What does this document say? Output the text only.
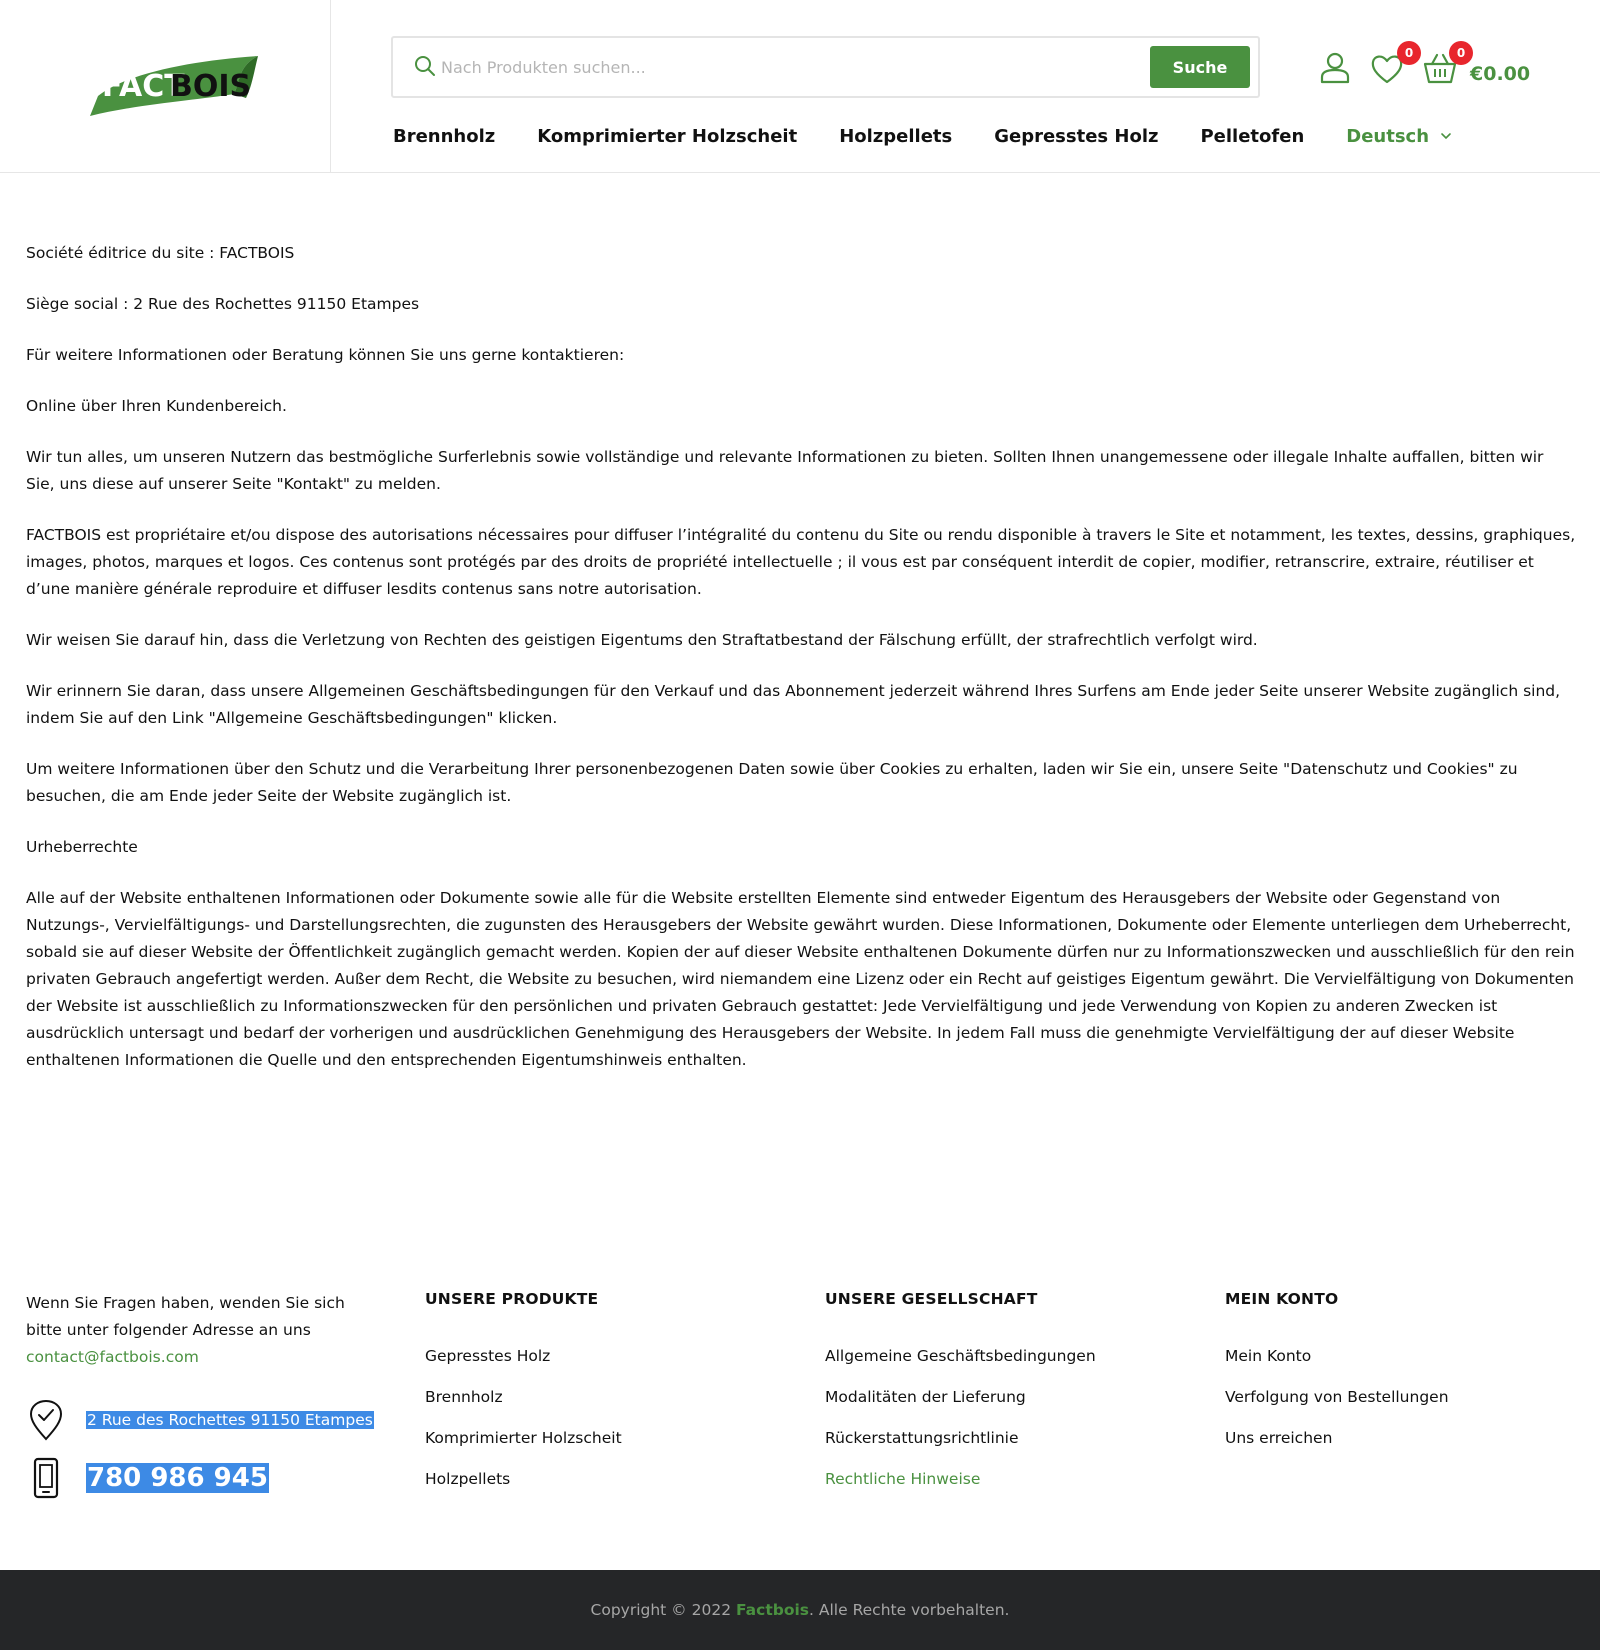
FACT
BOIS
Nach Produkten suchen...
Suche
0	0
€0.00
Brennholz Komprimierter Holzscheit Holzpellets Gepresstes Holz Pelletofen Deutsch

Société éditrice du site : FACTBOIS

Siège social : 2 Rue des Rochettes 91150 Etampes

Für weitere Informationen oder Beratung können Sie uns gerne kontaktieren:

Online über Ihren Kundenbereich.

Wir tun alles, um unseren Nutzern das bestmögliche Surferlebnis sowie vollständige und relevante Informationen zu bieten. Sollten Ihnen unangemessene oder illegale Inhalte auffallen, bitten wir Sie, uns diese auf unserer Seite "Kontakt" zu melden.

FACTBOIS est propriétaire et/ou dispose des autorisations nécessaires pour diffuser l’intégralité du contenu du Site ou rendu disponible à travers le Site et notamment, les textes, dessins, graphiques, images, photos, marques et logos. Ces contenus sont protégés par des droits de propriété intellectuelle ; il vous est par conséquent interdit de copier, modifier, retranscrire, extraire, réutiliser et d’une manière générale reproduire et diffuser lesdits contenus sans notre autorisation.

Wir weisen Sie darauf hin, dass die Verletzung von Rechten des geistigen Eigentums den Straftatbestand der Fälschung erfüllt, der strafrechtlich verfolgt wird.

Wir erinnern Sie daran, dass unsere Allgemeinen Geschäftsbedingungen für den Verkauf und das Abonnement jederzeit während Ihres Surfens am Ende jeder Seite unserer Website zugänglich sind, indem Sie auf den Link "Allgemeine Geschäftsbedingungen" klicken.

Um weitere Informationen über den Schutz und die Verarbeitung Ihrer personenbezogenen Daten sowie über Cookies zu erhalten, laden wir Sie ein, unsere Seite "Datenschutz und Cookies" zu besuchen, die am Ende jeder Seite der Website zugänglich ist.

Urheberrechte

Alle auf der Website enthaltenen Informationen oder Dokumente sowie alle für die Website erstellten Elemente sind entweder Eigentum des Herausgebers der Website oder Gegenstand von Nutzungs-, Vervielfältigungs- und Darstellungsrechten, die zugunsten des Herausgebers der Website gewährt wurden. Diese Informationen, Dokumente oder Elemente unterliegen dem Urheberrecht, sobald sie auf dieser Website der Öffentlichkeit zugänglich gemacht werden. Kopien der auf dieser Website enthaltenen Dokumente dürfen nur zu Informationszwecken und ausschließlich für den rein privaten Gebrauch angefertigt werden. Außer dem Recht, die Website zu besuchen, wird niemandem eine Lizenz oder ein Recht auf geistiges Eigentum gewährt. Die Vervielfältigung von Dokumenten der Website ist ausschließlich zu Informationszwecken für den persönlichen und privaten Gebrauch gestattet: Jede Vervielfältigung und jede Verwendung von Kopien zu anderen Zwecken ist ausdrücklich untersagt und bedarf der vorherigen und ausdrücklichen Genehmigung des Herausgebers der Website. In jedem Fall muss die genehmigte Vervielfältigung der auf dieser Website enthaltenen Informationen die Quelle und den entsprechenden Eigentumshinweis enthalten.

Wenn Sie Fragen haben, wenden Sie sich bitte unter folgender Adresse an uns

contact@factbois.com
2 Rue des Rochettes 91150 Etampes
780 986 945
UNSERE PRODUKTE
Gepresstes Holz
Brennholz
Komprimierter Holzscheit
Holzpellets
UNSERE GESELLSCHAFT
Allgemeine Geschäftsbedingungen
Modalitäten der Lieferung
Rückerstattungsrichtlinie
Rechtliche Hinweise
MEIN KONTO
Mein Konto
Verfolgung von Bestellungen
Uns erreichen
Copyright © 2022 Factbois. Alle Rechte vorbehalten.
